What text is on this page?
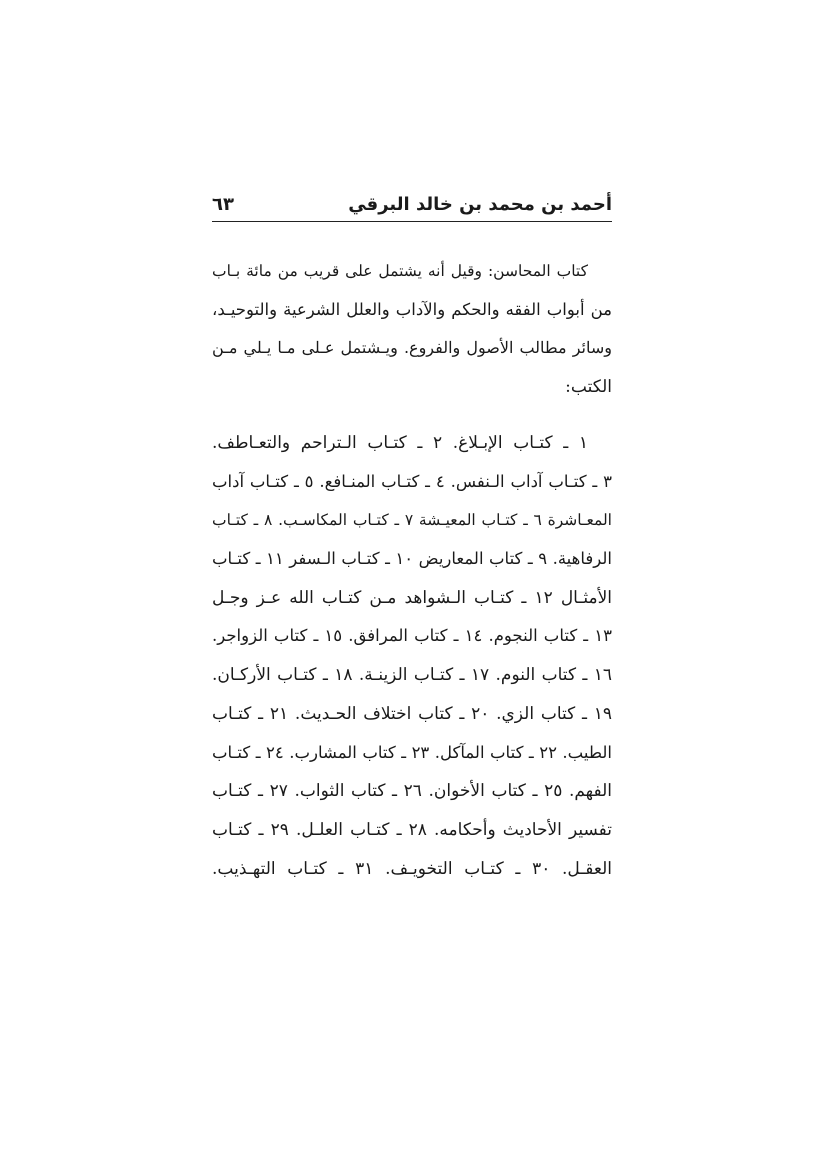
أحمد بن محمد بن خالد البرقي
٦٣
كتاب المحاسن: وقيل أنه يشتمل على قريب من مائة بـاب
من أبواب الفقه والحكم والآداب والعلل الشرعية والتوحيـد،
وسائر مطالب الأصول والفروع. ويـشتمل عـلى مـا يـلي مـن
الكتب:
١ ـ كتـاب الإبـلاغ. ٢ ـ كتـاب الـتراحم والتعـاطف.
٣ ـ كتـاب آداب الـنفس. ٤ ـ كتـاب المنـافع. ٥ ـ كتـاب آداب
المعـاشرة ٦ ـ كتـاب المعيـشة ٧ ـ كتـاب المكاسـب. ٨ ـ كتـاب
الرفاهية. ٩ ـ كتاب المعاريض ١٠ ـ كتـاب الـسفر ١١ ـ كتـاب
الأمثـال ١٢ ـ كتـاب الـشواهد مـن كتـاب الله عـز وجـل
١٣ ـ كتاب النجوم. ١٤ ـ كتاب المرافق. ١٥ ـ كتاب الزواجر.
١٦ ـ كتاب النوم. ١٧ ـ كتـاب الزينـة. ١٨ ـ كتـاب الأركـان.
١٩ ـ كتاب الزي. ٢٠ ـ كتاب اختلاف الحـديث. ٢١ ـ كتـاب
الطيب. ٢٢ ـ كتاب المآكل. ٢٣ ـ كتاب المشارب. ٢٤ ـ كتـاب
الفهم. ٢٥ ـ كتاب الأخوان. ٢٦ ـ كتاب الثواب. ٢٧ ـ كتـاب
تفسير الأحاديث وأحكامه. ٢٨ ـ كتـاب العلـل. ٢٩ ـ كتـاب
العقـل. ٣٠ ـ كتـاب التخويـف. ٣١ ـ كتـاب التهـذيب.
